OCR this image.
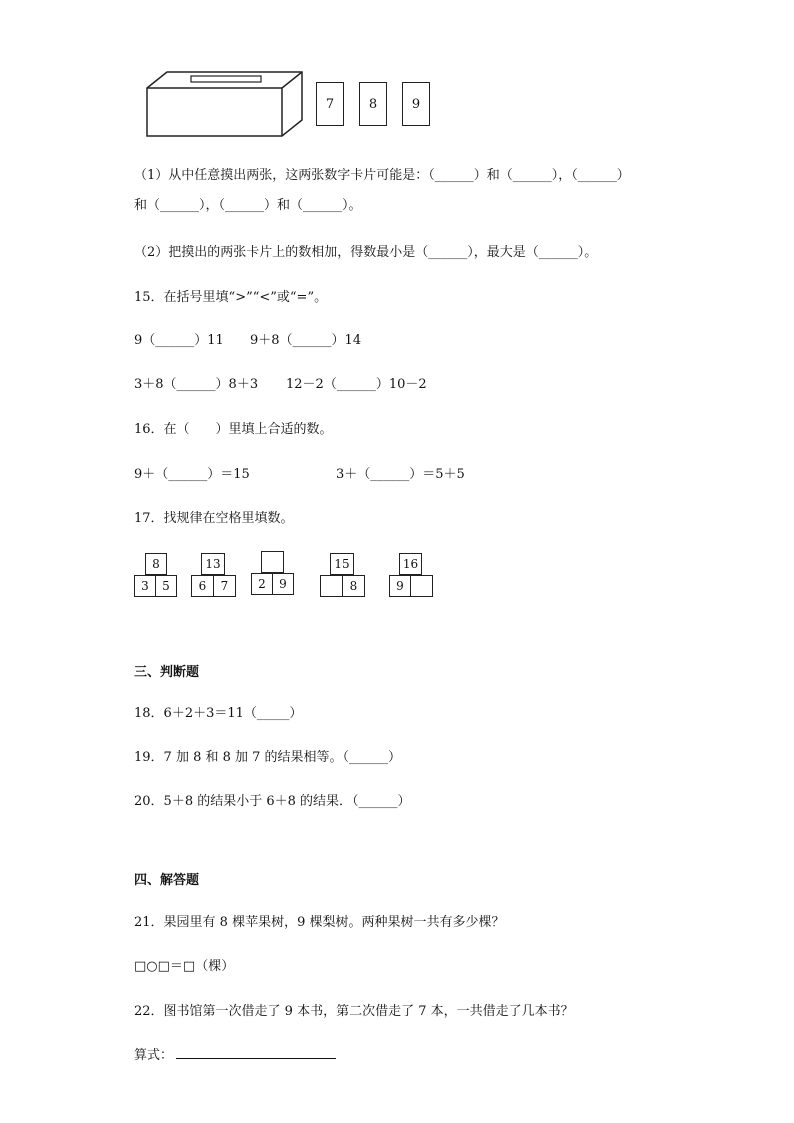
7	8	9
（1）从中任意摸出两张，这两张数字卡片可能是：（______）和（______），（______）
和（______），（______）和（______）。
（2）把摸出的两张卡片上的数相加，得数最小是（______），最大是（______）。
15．在括号里填“>”“<”或“=”。
9（______）11 9＋8（______）14
3＋8（______）8＋3 12－2（______）10－2
16．在（　　）里填上合适的数。
9＋（______）＝15	3＋（______）＝5＋5
17．找规律在空格里填数。
8
3 5
13
6 7 2 9
15
8
16
9
三、判断题
18．6＋2＋3＝11（_____）
19．7 加 8 和 8 加 7 的结果相等。（______）
20．5＋8 的结果小于 6＋8 的结果．（______）
四、解答题
21．果园里有 8 棵苹果树，9 棵梨树。两种果树一共有多少棵？
□○□＝□（棵）
22．图书馆第一次借走了 9 本书，第二次借走了 7 本，一共借走了几本书？
算式：
